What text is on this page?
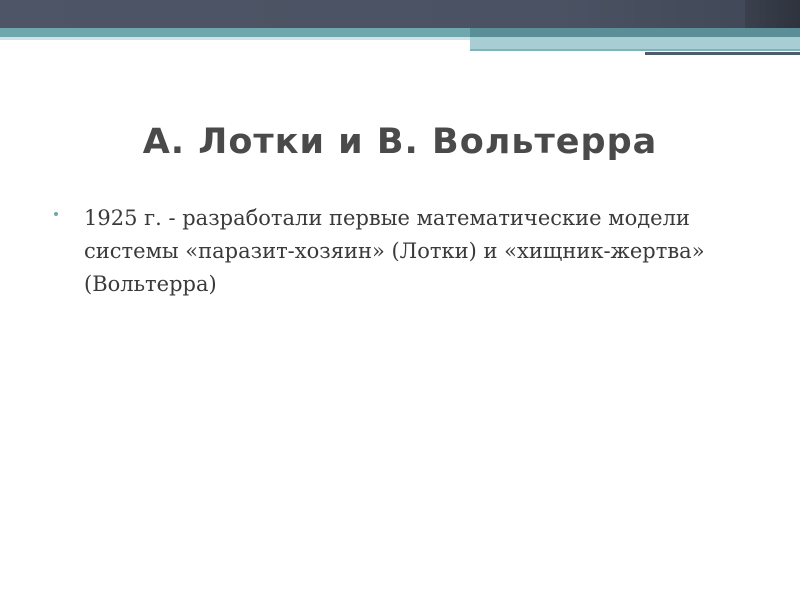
А. Лотки и В. Вольтерра
1925 г. - разработали первые математические модели системы «паразит-хозяин» (Лотки) и «хищник-жертва» (Вольтерра)
